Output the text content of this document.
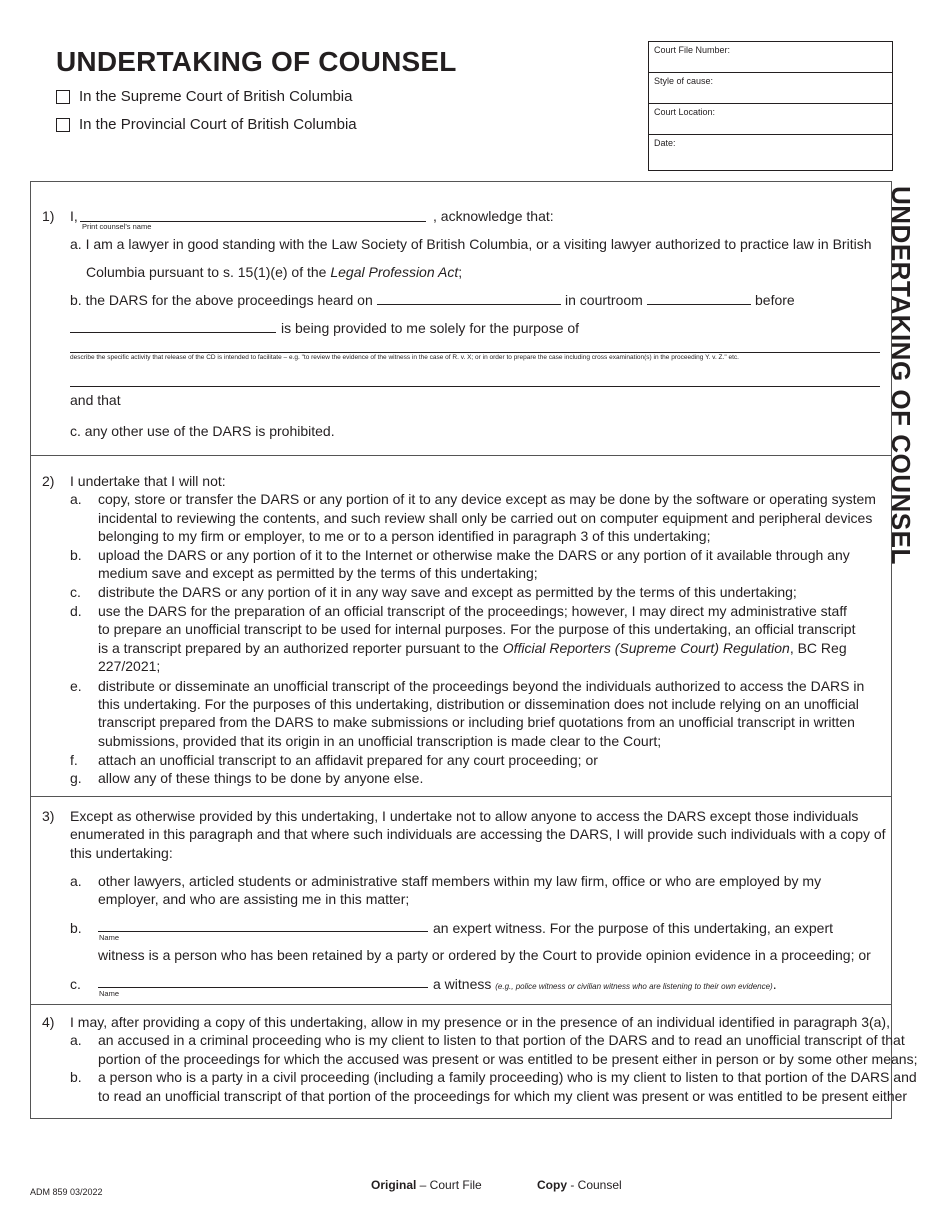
UNDERTAKING OF COUNSEL
In the Supreme Court of British Columbia
In the Provincial Court of British Columbia
Court File Number:
Style of cause:
Court Location:
Date:
UNDERTAKING OF COUNSEL
1) I,
Print counsel's name
, acknowledge that:
a. I am a lawyer in good standing with the Law Society of British Columbia, or a visiting lawyer authorized to practice law in British
Columbia pursuant to s. 15(1)(e) of the Legal Profession Act;
b. the DARS for the above proceedings heard on	in courtroom	before
is being provided to me solely for the purpose of
describe the specific activity that release of the CD is intended to facilitate – e.g. "to review the evidence of the witness in the case of R. v. X; or in order to prepare the case including cross examination(s) in the proceeding Y. v. Z." etc.
and that
c. any other use of the DARS is prohibited.
2) I undertake that I will not:
a. copy, store or transfer the DARS or any portion of it to any device except as may be done by the software or operating system
incidental to reviewing the contents, and such review shall only be carried out on computer equipment and peripheral devices
belonging to my firm or employer, to me or to a person identified in paragraph 3 of this undertaking;
b. upload the DARS or any portion of it to the Internet or otherwise make the DARS or any portion of it available through any
medium save and except as permitted by the terms of this undertaking;
c. distribute the DARS or any portion of it in any way save and except as permitted by the terms of this undertaking;
d. use the DARS for the preparation of an official transcript of the proceedings; however, I may direct my administrative staff
to prepare an unofficial transcript to be used for internal purposes. For the purpose of this undertaking, an official transcript
is a transcript prepared by an authorized reporter pursuant to the Official Reporters (Supreme Court) Regulation, BC Reg
227/2021;
e. distribute or disseminate an unofficial transcript of the proceedings beyond the individuals authorized to access the DARS in
this undertaking. For the purposes of this undertaking, distribution or dissemination does not include relying on an unofficial
transcript prepared from the DARS to make submissions or including brief quotations from an unofficial transcript in written
submissions, provided that its origin in an unofficial transcription is made clear to the Court;
f. attach an unofficial transcript to an affidavit prepared for any court proceeding; or
g. allow any of these things to be done by anyone else.
3) Except as otherwise provided by this undertaking, I undertake not to allow anyone to access the DARS except those individuals
enumerated in this paragraph and that where such individuals are accessing the DARS, I will provide such individuals with a copy of
this undertaking:
a. other lawyers, articled students or administrative staff members within my law firm, office or who are employed by my
employer, and who are assisting me in this matter;
b.
Name
an expert witness. For the purpose of this undertaking, an expert
witness is a person who has been retained by a party or ordered by the Court to provide opinion evidence in a proceeding; or
c.
Name
a witness (e.g., police witness or civilian witness who are listening to their own evidence).
4) I may, after providing a copy of this undertaking, allow in my presence or in the presence of an individual identified in paragraph 3(a),
a. an accused in a criminal proceeding who is my client to listen to that portion of the DARS and to read an unofficial transcript of that
portion of the proceedings for which the accused was present or was entitled to be present either in person or by some other means;
b. a person who is a party in a civil proceeding (including a family proceeding) who is my client to listen to that portion of the DARS and
to read an unofficial transcript of that portion of the proceedings for which my client was present or was entitled to be present either
ADM 859 03/2022	Original – Court File	Copy - Counsel
